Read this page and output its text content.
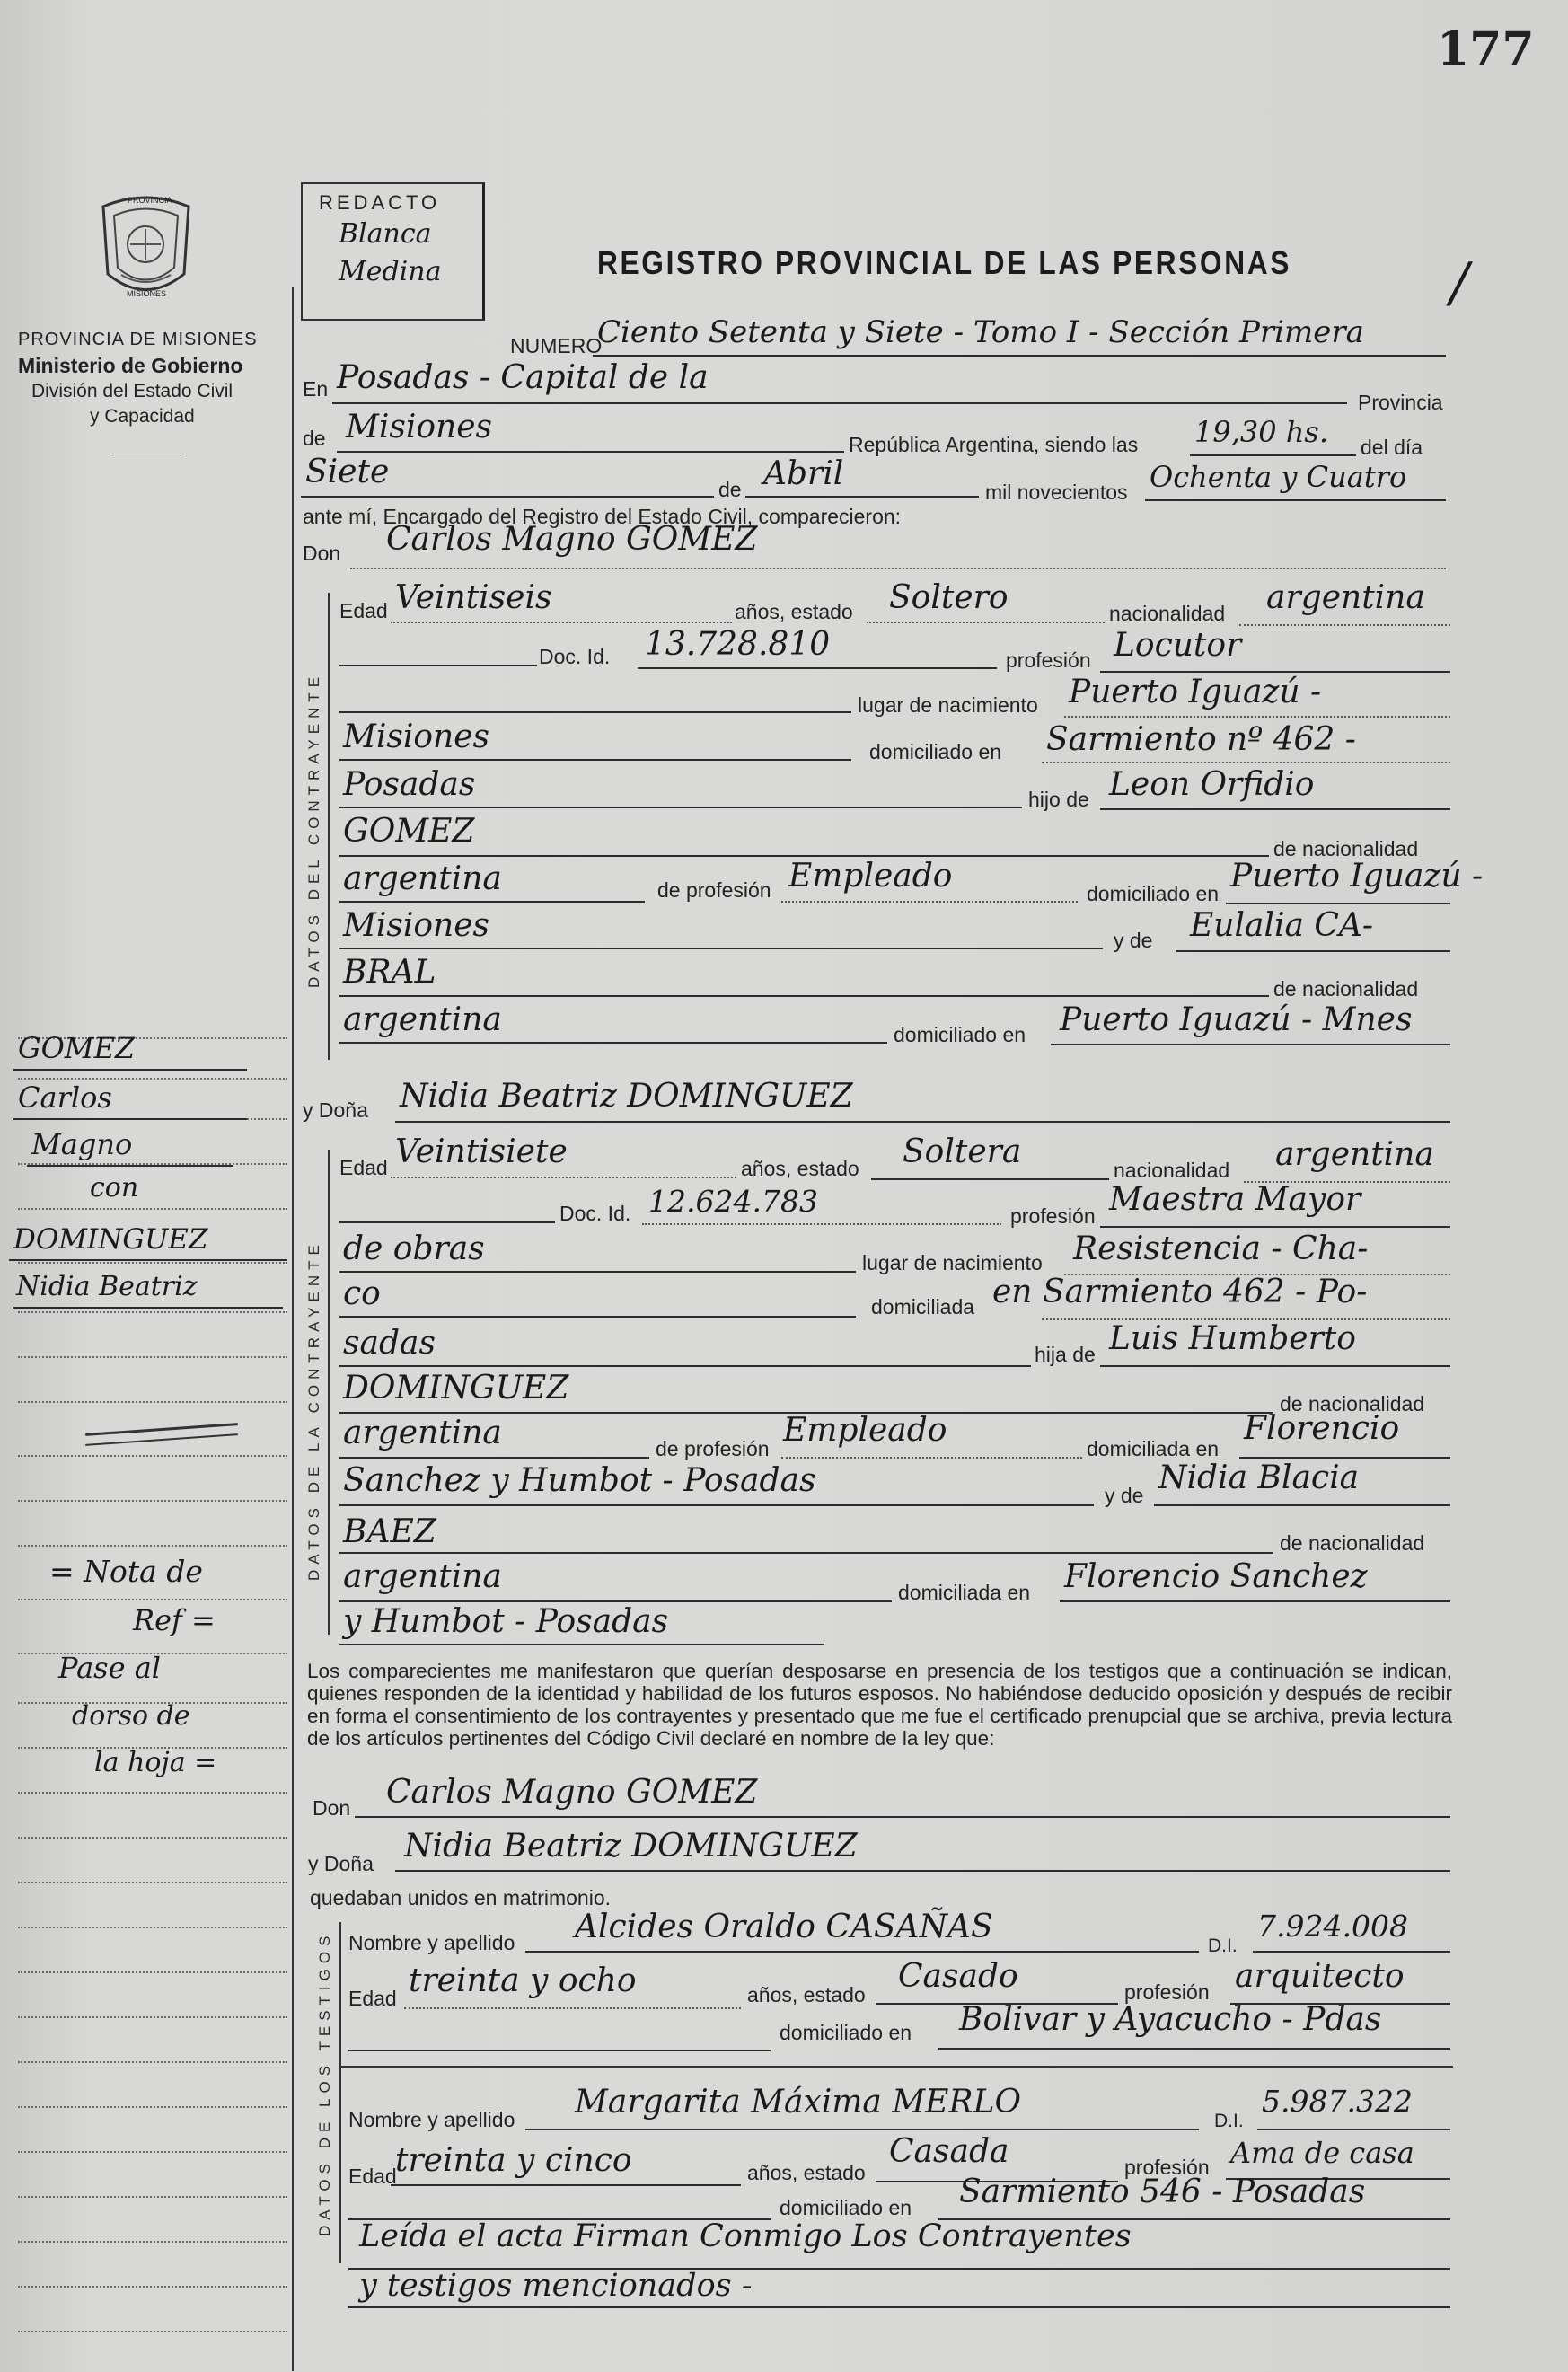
177
PROVINCIA
MISIONES
PROVINCIA DE MISIONES
Ministerio de Gobierno
División del Estado Civil
y Capacidad
REDACTO
Blanca
Medina	REGISTRO PROVINCIAL DE LAS PERSONAS	/
NUMERO
Ciento Setenta y Siete - Tomo I - Sección Primera
En Posadas - Capital de la
Provincia
de Misiones	República Argentina, siendo las 19,30 hs. del día
Siete	de Abril	mil novecientos Ochenta y Cuatro
ante mí, Encargado del Registro del Estado Civil, comparecieron:
Don Carlos Magno GOMEZ
DATOS DEL CONTRAYENTE
Edad Veintiseis	años, estado Soltero	nacionalidad argentina
Doc. Id. 13.728.810	profesión Locutor
lugar de nacimiento Puerto Iguazú -
Misiones	domiciliado en Sarmiento nº 462 -
Posadas	hijo de Leon Orfidio
GOMEZ	de nacionalidad
argentina	de profesión Empleado	domiciliado en Puerto Iguazú -
Misiones	y de Eulalia CA-
BRAL	de nacionalidad
argentina	domiciliado en Puerto Iguazú - Mnes
y Doña Nidia Beatriz DOMINGUEZ
DATOS DE LA CONTRAYENTE
Edad Veintisiete	años, estado Soltera	nacionalidad argentina
Doc. Id. 12.624.783	profesión Maestra Mayor
de obras	lugar de nacimiento Resistencia - Cha-
co	domiciliada en Sarmiento 462 - Po-
sadas	hija de Luis Humberto
DOMINGUEZ	de nacionalidad
argentina	de profesión Empleado	domiciliada en
Florencio
Sanchez y Humbot - Posadas	y de Nidia Blacia
BAEZ	de nacionalidad
argentina	domiciliada en Florencio Sanchez
y Humbot - Posadas
Los comparecientes me manifestaron que querían desposarse en presencia de los testigos que a continuación se indican, quienes responden de la identidad y habilidad de los futuros esposos. No habiéndose deducido oposición y después de recibir en forma el consentimiento de los contrayentes y presentado que me fue el certificado prenupcial que se archiva, previa lectura de los artículos pertinentes del Código Civil declaré en nombre de la ley que:
Don Carlos Magno GOMEZ
y Doña Nidia Beatriz DOMINGUEZ
quedaban unidos en matrimonio.
DATOS DE LOS TESTIGOS Nombre y apellido Alcides Oraldo CASAÑAS
D.I.
7.924.008
Edad treinta y ocho	años, estado Casado	profesión arquitecto
domiciliado en Bolivar y Ayacucho - Pdas
Nombre y apellido Margarita Máxima MERLO
D.I.
5.987.322
Edad
treinta y cinco	años, estado
Casada	profesión Ama de casa
domiciliado en Sarmiento 546 - Posadas
Leída el acta Firman Conmigo Los Contrayentes
y testigos mencionados -
GOMEZ
Carlos
Magno
con
DOMINGUEZ
Nidia Beatriz
= Nota de
Ref =
Pase al
dorso de
la hoja =
